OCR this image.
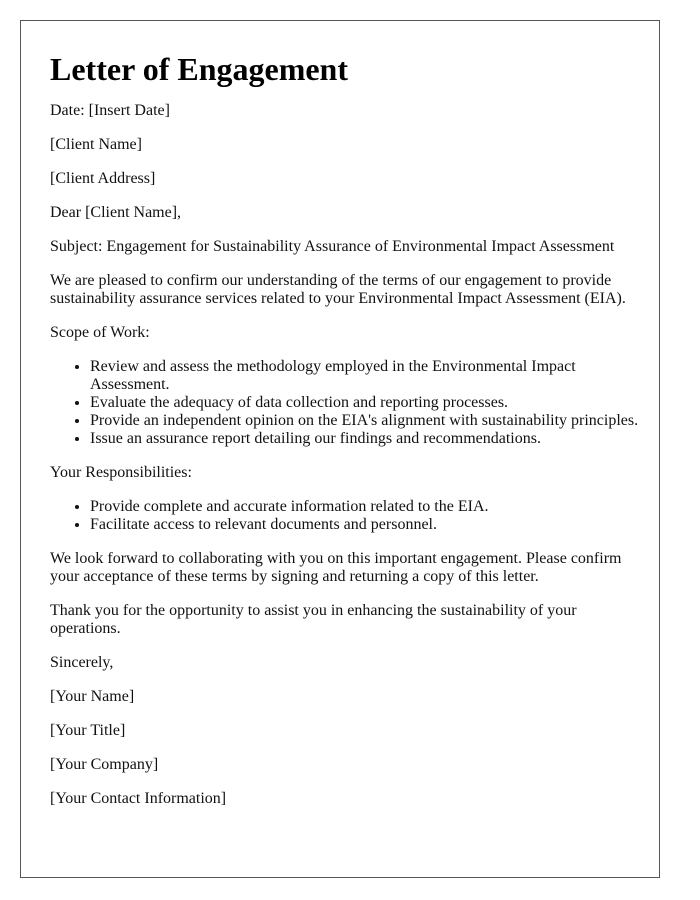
Letter of Engagement

Date: [Insert Date]

[Client Name]

[Client Address]

Dear [Client Name],

Subject: Engagement for Sustainability Assurance of Environmental Impact Assessment

We are pleased to confirm our understanding of the terms of our engagement to provide sustainability assurance services related to your Environmental Impact Assessment (EIA).

Scope of Work:

• Review and assess the methodology employed in the Environmental Impact Assessment.
• Evaluate the adequacy of data collection and reporting processes.
• Provide an independent opinion on the EIA's alignment with sustainability principles.
• Issue an assurance report detailing our findings and recommendations.

Your Responsibilities:

• Provide complete and accurate information related to the EIA.
• Facilitate access to relevant documents and personnel.

We look forward to collaborating with you on this important engagement. Please confirm your acceptance of these terms by signing and returning a copy of this letter.

Thank you for the opportunity to assist you in enhancing the sustainability of your operations.

Sincerely,

[Your Name]

[Your Title]

[Your Company]

[Your Contact Information]
